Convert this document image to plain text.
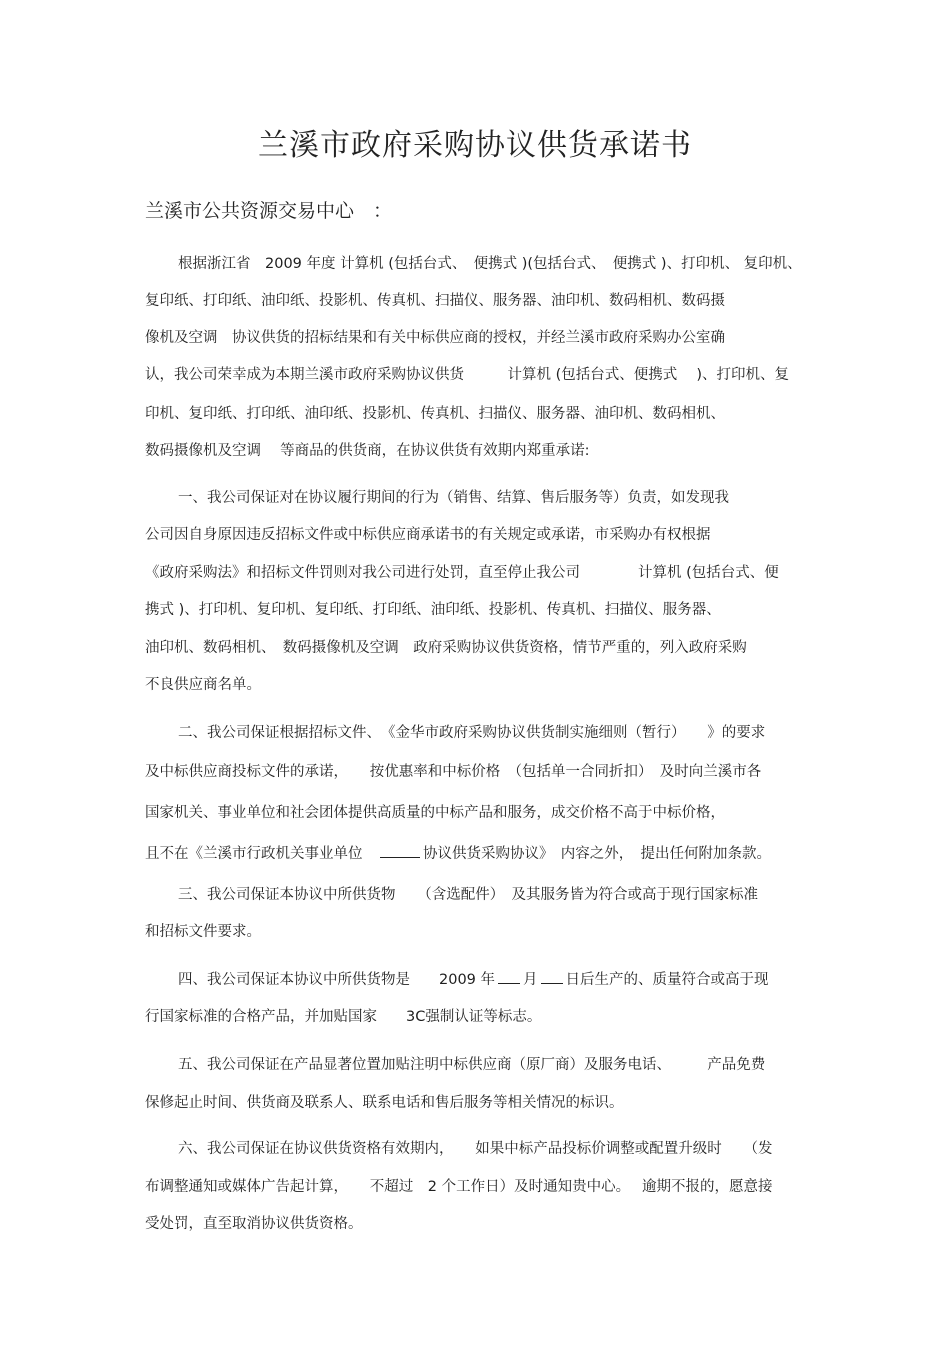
兰溪市政府采购协议供货承诺书
兰溪市公共资源交易中心　：
根据浙江省　2009 年度 计算机 (包括台式、　便携式 )(包括台式、　便携式 )、打印机、 复印机、
复印纸、打印纸、油印纸、投影机、传真机、扫描仪、服务器、油印机、数码相机、数码摄
像机及空调　协议供货的招标结果和有关中标供应商的授权，并经兰溪市政府采购办公室确
认，我公司荣幸成为本期兰溪市政府采购协议供货　　　计算机 (包括台式、便携式　 )、打印机、复
印机、复印纸、打印纸、油印纸、投影机、传真机、扫描仪、服务器、油印机、数码相机、
数码摄像机及空调　 等商品的供货商，在协议供货有效期内郑重承诺:
一、我公司保证对在协议履行期间的行为（销售、结算、售后服务等）负责，如发现我
公司因自身原因违反招标文件或中标供应商承诺书的有关规定或承诺，市采购办有权根据
《政府采购法》和招标文件罚则对我公司进行处罚，直至停止我公司　　　　计算机 (包括台式、便
携式 )、打印机、复印机、复印纸、打印纸、油印纸、投影机、传真机、扫描仪、服务器、
油印机、数码相机、　数码摄像机及空调　政府采购协议供货资格，情节严重的，列入政府采购
不良供应商名单。
二、我公司保证根据招标文件、　《金华市政府采购协议供货制实施细则（暂行）　　》的要求
及中标供应商投标文件的承诺，　　按优惠率和中标价格　（包括单一合同折扣）　及时向兰溪市各
国家机关、事业单位和社会团体提供高质量的中标产品和服务，成交价格不高于中标价格，
且不在《兰溪市行政机关事业单位　	协议供货采购协议》　内容之外，　提出任何附加条款。
三、我公司保证本协议中所供货物　　（含选配件）　及其服务皆为符合或高于现行国家标准
和招标文件要求。
四、我公司保证本协议中所供货物是　　2009 年 月 日后生产的、质量符合或高于现
行国家标准的合格产品，并加贴国家　　3C强制认证等标志。
五、我公司保证在产品显著位置加贴注明中标供应商（原厂商）及服务电话、　　　产品免费
保修起止时间、供货商及联系人、联系电话和售后服务等相关情况的标识。
六、我公司保证在协议供货资格有效期内，　　如果中标产品投标价调整或配置升级时　　（发
布调整通知或媒体广告起计算，　　不超过　2 个工作日）及时通知贵中心。　 逾期不报的，愿意接
受处罚，直至取消协议供货资格。
